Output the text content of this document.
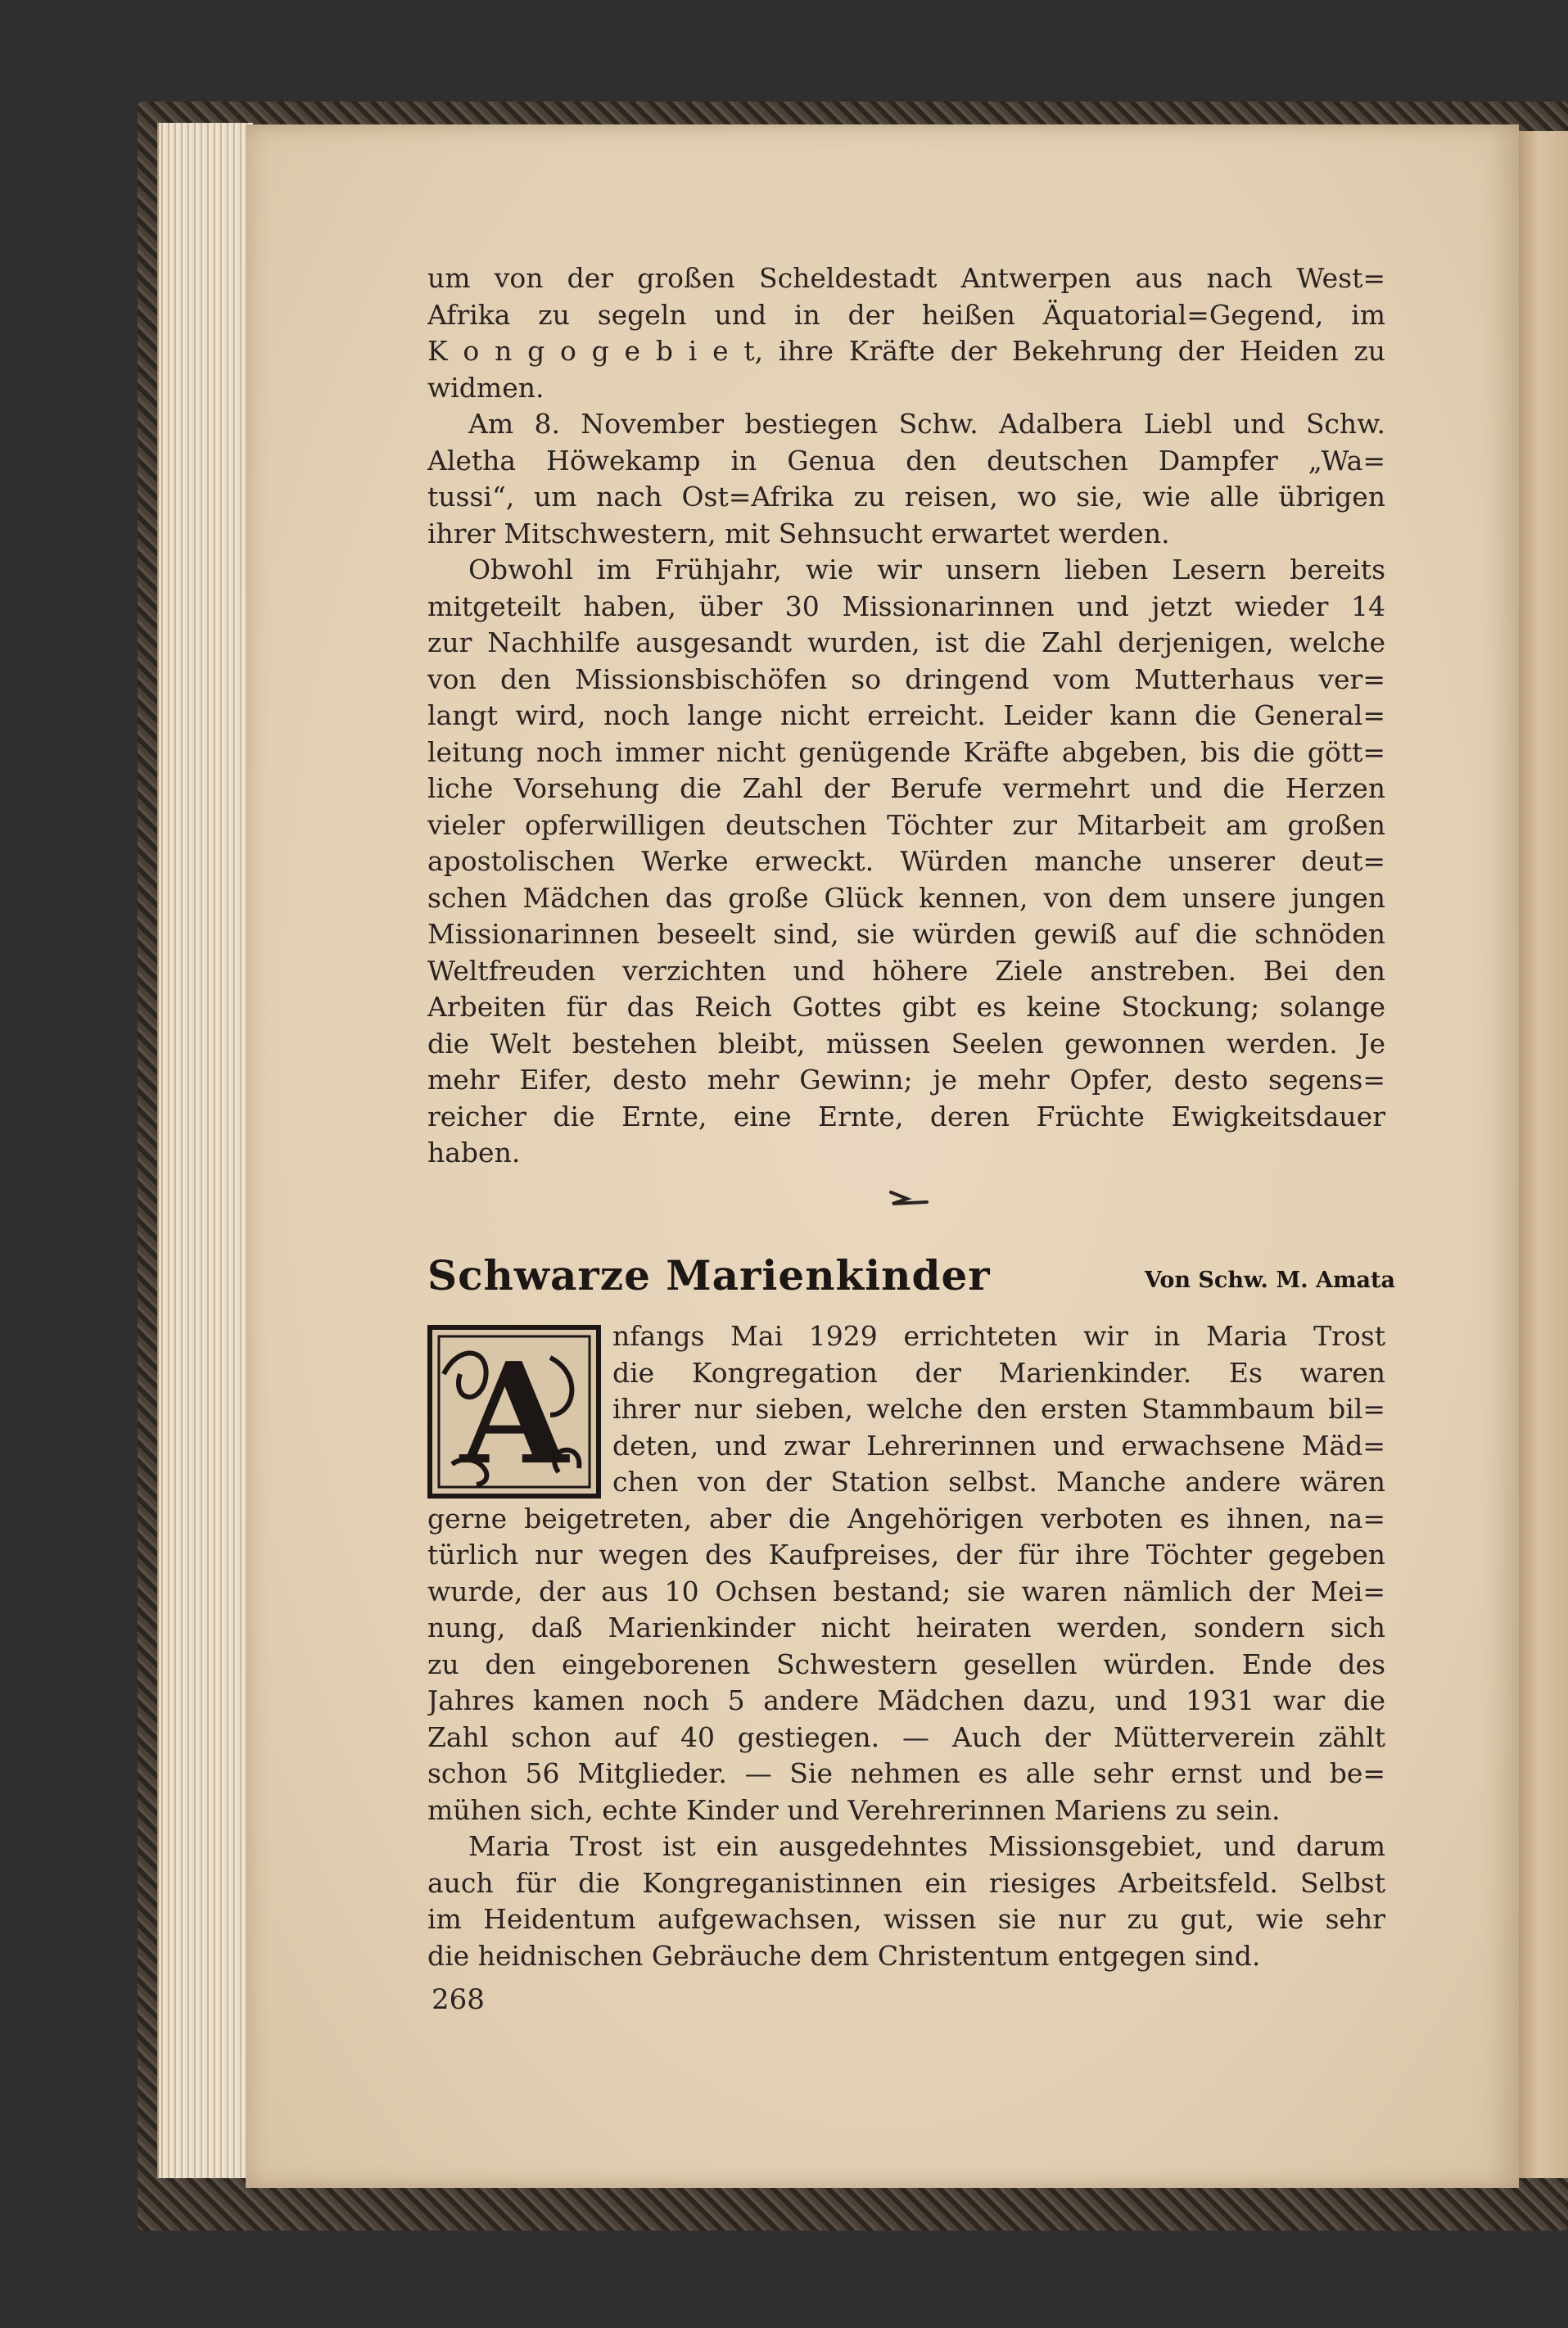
um von der großen Scheldestadt Antwerpen aus nach West=
Afrika zu segeln und in der heißen Äquatorial=Gegend, im
K o n g o g e b i e t, ihre Kräfte der Bekehrung der Heiden zu
widmen.
Am 8. November bestiegen Schw. Adalbera Liebl und Schw.
Aletha Höwekamp in Genua den deutschen Dampfer „Wa=
tussi“, um nach Ost=Afrika zu reisen, wo sie, wie alle übrigen
ihrer Mitschwestern, mit Sehnsucht erwartet werden.
Obwohl im Frühjahr, wie wir unsern lieben Lesern bereits
mitgeteilt haben, über 30 Missionarinnen und jetzt wieder 14
zur Nachhilfe ausgesandt wurden, ist die Zahl derjenigen, welche
von den Missionsbischöfen so dringend vom Mutterhaus ver=
langt wird, noch lange nicht erreicht. Leider kann die General=
leitung noch immer nicht genügende Kräfte abgeben, bis die gött=
liche Vorsehung die Zahl der Berufe vermehrt und die Herzen
vieler opferwilligen deutschen Töchter zur Mitarbeit am großen
apostolischen Werke erweckt. Würden manche unserer deut=
schen Mädchen das große Glück kennen, von dem unsere jungen
Missionarinnen beseelt sind, sie würden gewiß auf die schnöden
Weltfreuden verzichten und höhere Ziele anstreben. Bei den
Arbeiten für das Reich Gottes gibt es keine Stockung; solange
die Welt bestehen bleibt, müssen Seelen gewonnen werden. Je
mehr Eifer, desto mehr Gewinn; je mehr Opfer, desto segens=
reicher die Ernte, eine Ernte, deren Früchte Ewigkeitsdauer
haben.
Schwarze Marienkinder	Von Schw. M. Amata
A nfangs Mai 1929 errichteten wir in Maria Trost
die Kongregation der Marienkinder. Es waren
ihrer nur sieben, welche den ersten Stammbaum bil=
deten, und zwar Lehrerinnen und erwachsene Mäd=
chen von der Station selbst. Manche andere wären
gerne beigetreten, aber die Angehörigen verboten es ihnen, na=
türlich nur wegen des Kaufpreises, der für ihre Töchter gegeben
wurde, der aus 10 Ochsen bestand; sie waren nämlich der Mei=
nung, daß Marienkinder nicht heiraten werden, sondern sich
zu den eingeborenen Schwestern gesellen würden. Ende des
Jahres kamen noch 5 andere Mädchen dazu, und 1931 war die
Zahl schon auf 40 gestiegen. — Auch der Mütterverein zählt
schon 56 Mitglieder. — Sie nehmen es alle sehr ernst und be=
mühen sich, echte Kinder und Verehrerinnen Mariens zu sein.
Maria Trost ist ein ausgedehntes Missionsgebiet, und darum
auch für die Kongreganistinnen ein riesiges Arbeitsfeld. Selbst
im Heidentum aufgewachsen, wissen sie nur zu gut, wie sehr
die heidnischen Gebräuche dem Christentum entgegen sind.
268
